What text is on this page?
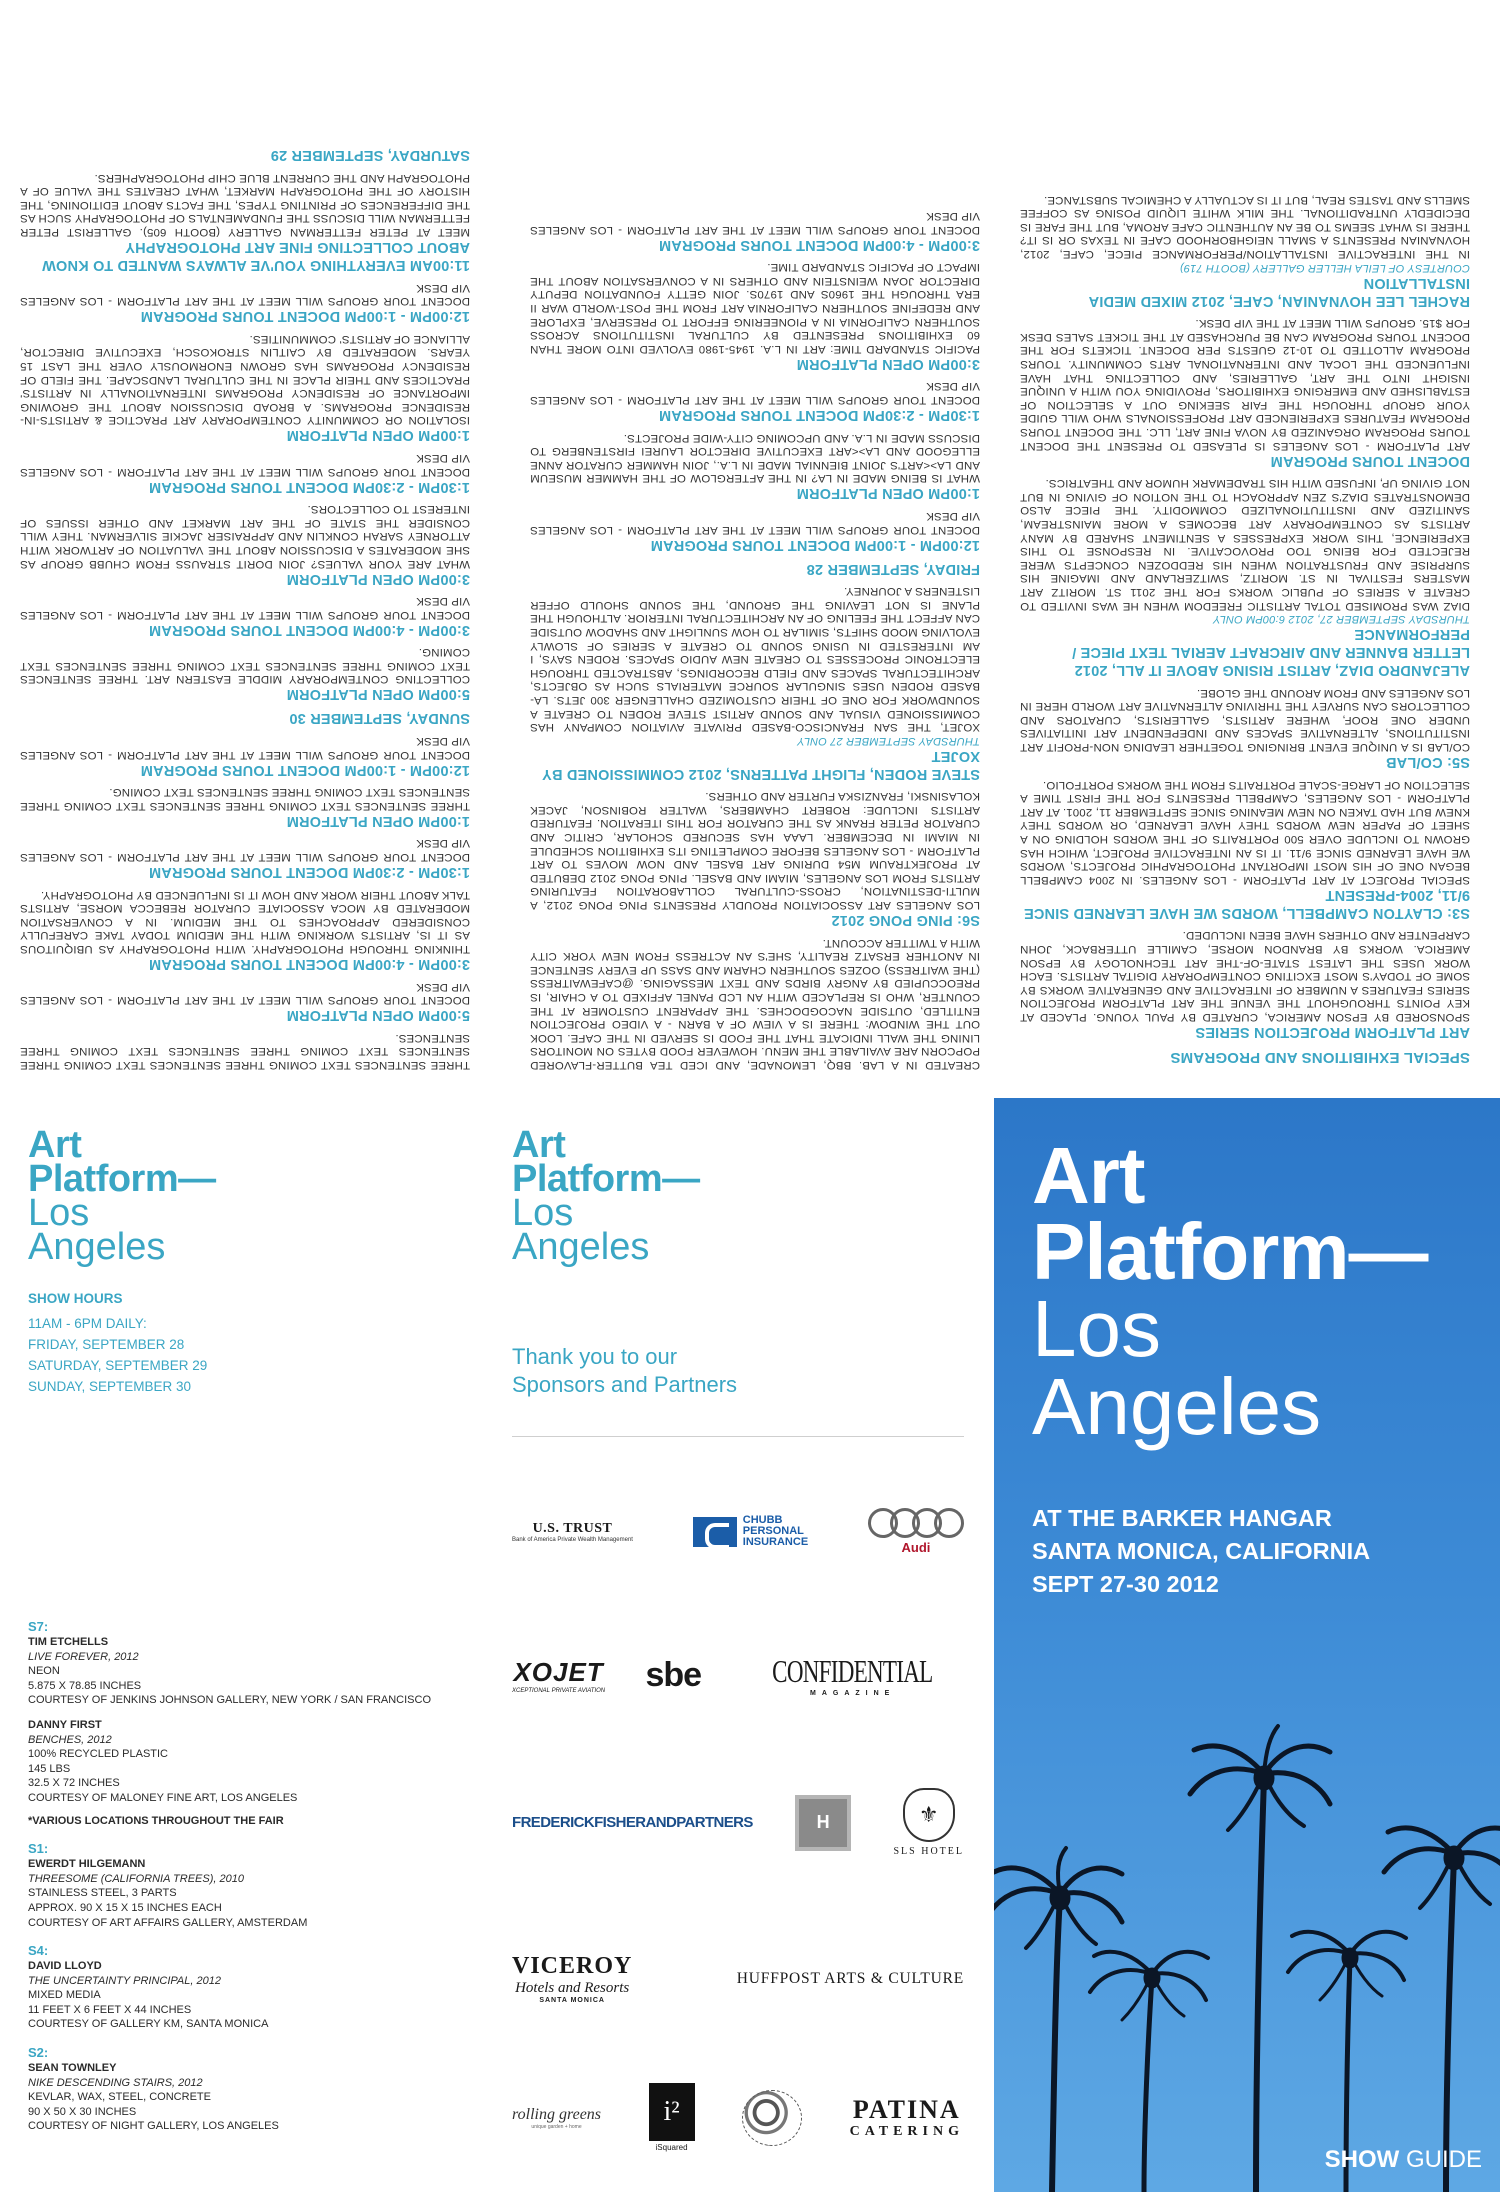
SPECIAL EXHIBITIONS AND PROGRAMS
ART PLATFORM PROJECTION SERIES
SPONSORED BY EPSON AMERICA, CURATED BY PAUL YOUNG. PLACED AT KEY POINTS THROUGHOUT THE VENUE THE ART PLATFORM PROJECTION SERIES FEATURES A NUMBER OF INTERACTIVE AND GENERATIVE WORKS BY SOME OF TODAY'S MOST EXCITING CONTEMPORARY DIGITAL ARTISTS. EACH WORK USES THE LATEST STATE-OF-THE ART TECHNOLOGY BY EPSON AMERICA. WORKS BY BRANDON MORSE, CAMILLE UTTERBACK, JOHN CARPENTER AND OTHERS HAVE BEEN INCLUDED.
S3: CLAYTON CAMPBELL, WORDS WE HAVE LEARNED SINCE 9/11, 2004-PRESENT
SPECIAL PROJECT AT ART PLATFORM - LOS ANGELES. IN 2004 CAMPBELL BEGAN ONE OF HIS MOST IMPORTANT PHOTOGRAPHIC PROJECTS, WORDS WE HAVE LEARNED SINCE 9/11. IT IS AN INTERACTIVE PROJECT, WHICH HAS GROWN TO INCLUDE OVER 500 PORTRAITS OF THE WORDS HOLDING ON A SHEET OF PAPER NEW WORDS THEY HAVE LEARNED, OR WORDS THEY KNEW BUT HAD TAKEN ON NEW MEANING SINCE SEPTEMBER 11, 2001. AT ART PLATFORM - LOS ANGELES, CAMPBELL PRESENTS FOR THE FIRST TIME A SELECTION OF LARGE-SCALE PORTRAITS FROM THE WORKS PORTFOLIO.
S5: CO/LAB
CO/LAB IS A UNIQUE EVENT BRINGING TOGETHER LEADING NON-PROFIT ART INSTITUTIONS, ALTERNATIVE SPACES AND INDEPENDENT ART INITIATIVES UNDER ONE ROOF, WHERE ARTISTS, GALLERISTS, CURATORS AND COLLECTORS CAN SURVEY THE THRIVING ALTERNATIVE ART WORLD HERE IN LOS ANGELES AND FROM AROUND THE GLOBE.
ALEJANDRO DIAZ, ARTIST RISING ABOVE IT ALL, 2012 LETTER BANNER AND AIRCRAFT AERIAL TEXT PIECE / PERFORMANCE
THURSDAY SEPTEMBER 27, 2012 6:00PM ONLY
DIAZ WAS PROMISED TOTAL ARTISTIC FREEDOM WHEN HE WAS INVITED TO CREATE A SERIES OF PUBLIC WORKS FOR THE 2011 ST. MORITZ ART MASTERS FESTIVAL IN ST. MORITZ, SWITZERLAND AND IMAGINE HIS SURPRISE AND FRUSTRATION WHEN HIS REDDOZEN CONCEPTS WERE REJECTED FOR BEING TOO PROVOCATIVE. IN RESPONSE TO THIS EXPERIENCE, THIS WORK EXPRESSES A SENTIMENT SHARED BY MANY ARTISTS AS CONTEMPORARY ART BECOMES A MORE MAINSTREAM, SANITIZED AND INSTITUTIONALIZED COMMODITY. THE PIECE ALSO DEMONSTRATES DIAZ'S ZEN APPROACH TO THE NOTION OF GIVING IN BUT NOT GIVING UP, INFUSED WITH HIS TRADEMARK HUMOR AND THEATRICS.
DOCENT TOURS PROGRAM
ART PLATFORM - LOS ANGELES IS PLEASED TO PRESENT THE DOCENT TOURS PROGRAM ORGANIZED BY NOVA FINE ART, LLC. THE DOCENT TOURS PROGRAM FEATURES EXPERIENCED ART PROFESSIONALS WHO WILL GUIDE YOUR GROUP THROUGH THE FAIR SEEKING OUT A SELECTION OF ESTABLISHED AND EMERGING EXHIBITORS, PROVIDING YOU WITH A UNIQUE INSIGHT INTO THE ART, GALLERIES, AND COLLECTING THAT HAVE INFLUENCED THE LOCAL AND INTERNATIONAL ARTS COMMUNITY. TOURS PROGRAM ALLOTTED TO 10-12 GUESTS PER DOCENT. TICKETS FOR THE DOCENT TOURS PROGRAM CAN BE PURCHASED AT THE TICKET SALES DESK FOR $15. GROUPS WILL MEET AT THE VIP DESK.
RACHEL LEE HOVNANIAN, CAFE, 2012 MIXED MEDIA INSTALLATION
COURTESY OF LEILA HELLER GALLERY (BOOTH 719)
IN THE INTERACTIVE INSTALLATION/PERFORMANCE PIECE, CAFE, 2012, HOVNANIAN PRESENTS A SMALL NEIGHBORHOOD CAFE IN TEXAS OR IS IT? THERE IS WHAT SEEMS TO BE AN AUTHENTIC CAFE AROMA, BUT THE FARE IS DECIDEDLY UNTRADITIONAL. THE MILK WHITE LIQUID POSING AS COFFEE SMELLS AND TASTES REAL, BUT IT IS ACTUALLY A CHEMICAL SUBSTANCE.
CREATED IN A LAB. BBQ, LEMONADE, AND ICED TEA BUTTER-FLAVORED POPCORN ARE AVAILABLE THE MENU. HOWEVER FOOD BYTES ON MONITORS LINING THE WALL INDICATE THAT THE FOOD IS SERVED IN THE CAFE. LOOK OUT THE WINDOW: THERE IS A VIEW OF A BARN - A VIDEO PROJECTION ENTITLED, OUTSIDE NACOGDOCHES. THE APPARENT CUSTOMER AT THE COUNTER, WHO IS REPLACED WITH AN LCD PANEL AFFIXED TO A CHAIR, IS PREOCCUPIED BY ANGRY BIRDS AND TEXT MESSAGING. @CAFEWAITRESS (THE WAITRESS) OOZES SOUTHERN CHARM AND SASS UP EVERY SENTENCE IN ANOTHER ERSATZ REALITY, SHE'S AN ACTRESS FROM NEW YORK CITY WITH A TWITTER ACCOUNT.
S6: PING PONG 2012
LOS ANGELES ART ASSOCIATION PROUDLY PRESENTS PING PONG 2012, A MULTI-DESTINATION, CROSS-CULTURAL COLLABORATION FEATURING ARTISTS FROM LOS ANGELES, MIAMI AND BASEL. PING PONG 2012 DEBUTED AT PROJEKTRAUM M54 DURING ART BASEL AND NOW MOVES TO ART PLATFORM - LOS ANGELES BEFORE COMPLETING ITS EXHIBITION SCHEDULE IN MIAMI IN DECEMBER. LAAA HAS SECURED SCHOLAR, CRITIC AND CURATOR PETER FRANK AS THE CURATOR FOR THIS ITERATION. FEATURED ARTISTS INCLUDE: ROBERT CHAMBERS, WALTER ROBINSON, JACEK KOLASINSKI, FRANZISKA FURTER AND OTHERS.
STEVE RODEN, FLIGHT PATTERNS, 2012 COMMISSIONED BY XOJET
THURSDAY SEPTEMBER 27 ONLY
XOJET, THE SAN FRANCISCO-BASED PRIVATE AVIATION COMPANY HAS COMMISSIONED VISUAL AND SOUND ARTIST STEVE RODEN TO CREATE A SOUNDWORK FOR ONE OF THEIR CUSTOMIZED CHALLENGER 300 JETS. LA-BASED RODEN USES SINGULAR SOURCE MATERIALS SUCH AS OBJECTS, ARCHITECTURAL SPACES AND FIELD RECORDINGS, ABSTRACTED THROUGH ELECTRONIC PROCESSES TO CREATE NEW AUDIO SPACES. RODEN SAYS, I AM INTERESTED IN USING SOUND TO CREATE A SERIES OF SLOWLY EVOLVING MOOD SHIFTS, SIMILAR TO HOW SUNLIGHT AND SHADOW OUTSIDE CAN AFFECT THE FEELING OF AN ARCHITECTURAL INTERIOR. ALTHOUGH THE PLANE IS NOT LEAVING THE GROUND, THE SOUND SHOULD OFFER LISTENERS A JOURNEY.
FRIDAY, SEPTEMBER 28
12:00PM - 1:00PM DOCENT TOURS PROGRAM
DOCENT TOUR GROUPS WILL MEET AT THE ART PLATFORM - LOS ANGELES VIP DESK
1:00PM OPEN PLATFORM
WHAT IS BEING MADE IN LA? IN THE AFTERGLOW OF THE HAMMER MUSEUM AND LA><ART'S JOINT BIENNIAL MADE IN L.A., JOIN HAMMER CURATOR ANNE ELLEGOOD AND LA><ART EXECUTIVE DIRECTOR LAUREI FIRSTENBERG TO DISCUSS MADE IN L.A. AND UPCOMING CITY-WIDE PROJECTS.
1:30PM - 2:30PM DOCENT TOURS PROGRAM
DOCENT TOUR GROUPS WILL MEET AT THE ART PLATFORM - LOS ANGELES VIP DESK
3:00PM OPEN PLATFORM
PACIFIC STANDARD TIME: ART IN L.A. 1945-1980 EVOLVED INTO MORE THAN 60 EXHIBITIONS PRESENTED BY CULTURAL INSTITUTIONS ACROSS SOUTHERN CALIFORNIA IN A PIONEERING EFFORT TO PRESERVE, EXPLORE AND REDEFINE SOUTHERN CALIFORNIA ART FROM THE POST-WORLD WAR II ERA THROUGH THE 1960S AND 1970S. JOIN GETTY FOUNDATION DEPUTY DIRECTOR JOAN WEINSTEIN AND OTHERS IN A CONVERSATION ABOUT THE IMPACT OF PACIFIC STANDARD TIME.
3:00PM - 4:00PM DOCENT TOURS PROGRAM
DOCENT TOUR GROUPS WILL MEET AT THE ART PLATFORM - LOS ANGELES VIP DESK
THREE SENTENCES TEXT COMING THREE SENTENCES TEXT COMING THREE SENTENCES TEXT COMING THREE SENTENCES TEXT COMING THREE SENTENCES.
5:00PM OPEN PLATFORM
DOCENT TOUR GROUPS WILL MEET AT THE ART PLATFORM - LOS ANGELES VIP DESK
3:00PM - 4:00PM DOCENT TOURS PROGRAM
THINKING THROUGH PHOTOGRAPHY. WITH PHOTOGRAPHY AS UBIQUITOUS AS IT IS, ARTISTS WORKING WITH THE MEDIUM TODAY TAKE CAREFULLY CONSIDERED APPROACHES TO THE MEDIUM. IN A CONVERSATION MODERATED BY MOCA ASSOCIATE CURATOR REBECCA MORSE, ARTISTS TALK ABOUT THEIR WORK AND HOW IT IS INFLUENCED BY PHOTOGRAPHY.
1:30PM - 2:30PM DOCENT TOURS PROGRAM
DOCENT TOUR GROUPS WILL MEET AT THE ART PLATFORM - LOS ANGELES VIP DESK
1:00PM OPEN PLATFORM
THREE SENTENCES TEXT COMING THREE SENTENCES TEXT COMING THREE SENTENCES TEXT COMING THREE SENTENCES TEXT COMING.
12:00PM - 1:00PM DOCENT TOURS PROGRAM
DOCENT TOUR GROUPS WILL MEET AT THE ART PLATFORM - LOS ANGELES VIP DESK
SUNDAY, SEPTEMBER 30
5:00PM OPEN PLATFORM
COLLECTING CONTEMPORARY MIDDLE EASTERN ART. THREE SENTENCES TEXT COMING THREE SENTENCES TEXT COMING THREE SENTENCES TEXT COMING.
3:00PM - 4:00PM DOCENT TOURS PROGRAM
DOCENT TOUR GROUPS WILL MEET AT THE ART PLATFORM - LOS ANGELES VIP DESK
3:00PM OPEN PLATFORM
WHAT ARE YOUR VALUES? JOIN DORIT STRAUSS FROM CHUBB GROUP AS SHE MODERATES A DISCUSSION ABOUT THE VALUATION OF ARTWORK WITH ATTORNEY SARAH CONKLIN AND APPRAISER JACKIE SILVERMAN. THEY WILL CONSIDER THE STATE OF THE ART MARKET AND OTHER ISSUES OF INTEREST TO COLLECTORS.
1:30PM - 2:30PM DOCENT TOURS PROGRAM
DOCENT TOUR GROUPS WILL MEET AT THE ART PLATFORM - LOS ANGELES VIP DESK
1:00PM OPEN PLATFORM
ISOLATION OR COMMUNITY CONTEMPORARY ART PRACTICE & ARTISTS-IN-RESIDENCE PROGRAMS. A BROAD DISCUSSION ABOUT THE GROWING IMPORTANCE OF RESIDENCY PROGRAMS INTERNATIONALLY IN ARTISTS' PRACTICES AND THEIR PLACE IN THE CULTURAL LANDSCAPE. THE FIELD OF RESIDENCY PROGRAMS HAS GROWN ENORMOUSLY OVER THE LAST 15 YEARS. MODERATED BY CAITLIN STROKOSCH, EXECUTIVE DIRECTOR, ALLIANCE OF ARTISTS' COMMUNITIES.
12:00PM - 1:00PM DOCENT TOURS PROGRAM
DOCENT TOUR GROUPS WILL MEET AT THE ART PLATFORM - LOS ANGELES VIP DESK
11:00AM EVERYTHING YOU'VE ALWAYS WANTED TO KNOW ABOUT COLLECTING FINE ART PHOTOGRAPHY
MEET AT PETER FETTERMAN GALLERY (BOOTH 605). GALLERIST PETER FETTERMAN WILL DISCUSS THE FUNDAMENTALS OF PHOTOGRAPHY SUCH AS THE DIFFERENCES OF PRINTING TYPES, THE FACTS ABOUT EDITIONING, THE HISTORY OF THE PHOTOGRAPH MARKET, WHAT CREATES THE VALUE OF A PHOTOGRAPH AND THE CURRENT BLUE CHIP PHOTOGRAPHERS.
SATURDAY, SEPTEMBER 29
Art
Platform—
Los
Angeles
SHOW HOURS
11AM - 6PM DAILY:
FRIDAY, SEPTEMBER 28
SATURDAY, SEPTEMBER 29
SUNDAY, SEPTEMBER 30
S7:
TIM ETCHELLS
LIVE FOREVER, 2012
NEON
5.875 X 78.85 INCHES
COURTESY OF JENKINS JOHNSON GALLERY, NEW YORK / SAN FRANCISCO
DANNY FIRST
BENCHES, 2012
100% RECYCLED PLASTIC
145 LBS
32.5 X 72 INCHES
COURTESY OF MALONEY FINE ART, LOS ANGELES
*VARIOUS LOCATIONS THROUGHOUT THE FAIR
S1:
EWERDT HILGEMANN
THREESOME (CALIFORNIA TREES), 2010
STAINLESS STEEL, 3 PARTS
APPROX. 90 X 15 X 15 INCHES EACH
COURTESY OF ART AFFAIRS GALLERY, AMSTERDAM
S4:
DAVID LLOYD
THE UNCERTAINTY PRINCIPAL, 2012
MIXED MEDIA
11 FEET X 6 FEET X 44 INCHES
COURTESY OF GALLERY KM, SANTA MONICA
S2:
SEAN TOWNLEY
NIKE DESCENDING STAIRS, 2012
KEVLAR, WAX, STEEL, CONCRETE
90 X 50 X 30 INCHES
COURTESY OF NIGHT GALLERY, LOS ANGELES
Art
Platform—
Los
Angeles
Thank you to our
Sponsors and Partners
U.S. TRUST
Bank of America Private Wealth Management
CHUBB
PERSONAL
INSURANCE	Audi
XOJET
XCEPTIONAL PRIVATE AVIATION sbe CONFIDENTIAL
MAGAZINE
FREDERICKFISHERANDPARTNERS	H	⚜
SLS HOTEL
VICEROY
Hotels and Resorts
SANTA MONICA
HUFFPOST ARTS & CULTURE
rolling greens
unique garden + home	i²
iSquared
PATINA
CATERING
Art
Platform—
Los
Angeles
AT THE BARKER HANGAR
SANTA MONICA, CALIFORNIA
SEPT 27-30 2012
SHOW GUIDE
